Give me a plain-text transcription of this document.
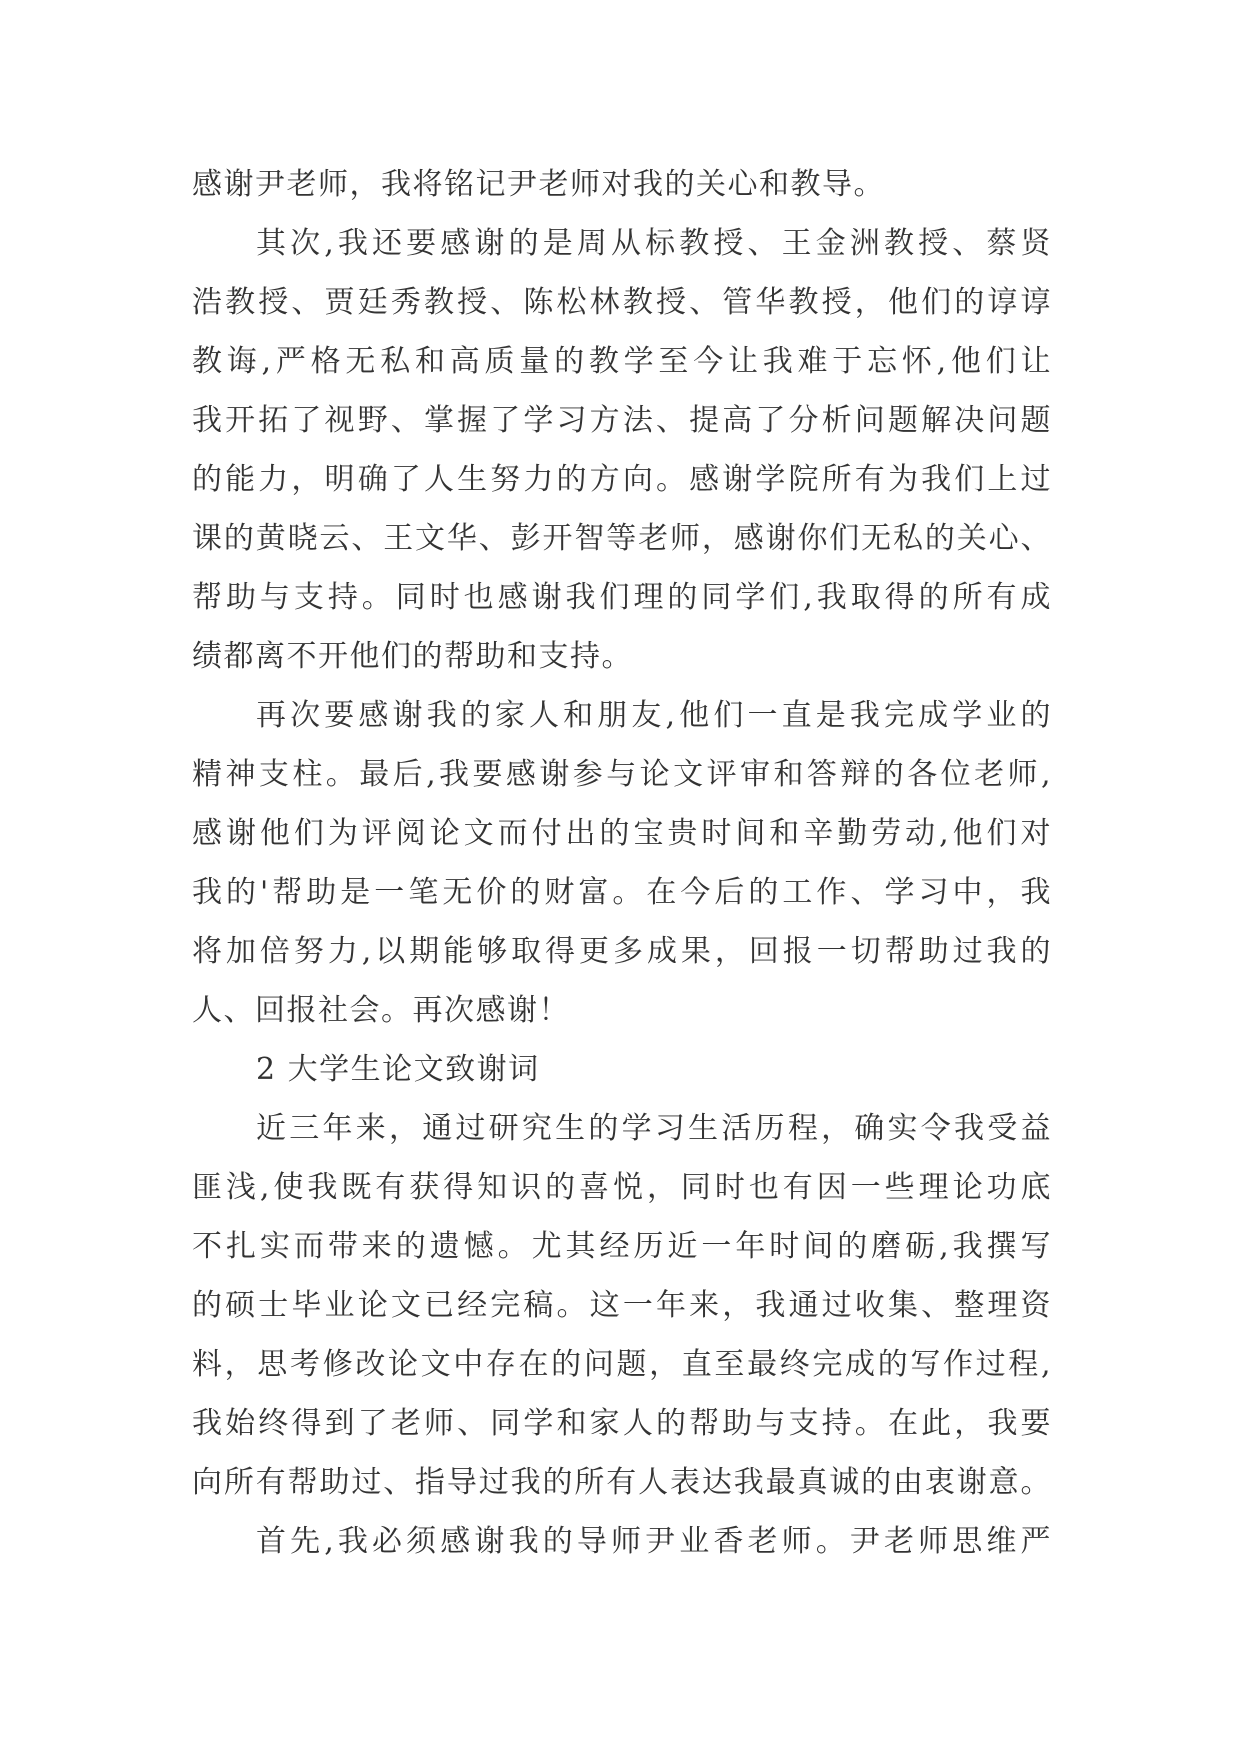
感谢尹老师，我将铭记尹老师对我的关心和教导。
其次,我还要感谢的是周从标教授、王金洲教授、蔡贤
浩教授、贾廷秀教授、陈松林教授、管华教授，他们的谆谆
教诲,严格无私和高质量的教学至今让我难于忘怀,他们让
我开拓了视野、掌握了学习方法、提高了分析问题解决问题
的能力，明确了人生努力的方向。感谢学院所有为我们上过
课的黄晓云、王文华、彭开智等老师，感谢你们无私的关心、
帮助与支持。同时也感谢我们理的同学们,我取得的所有成
绩都离不开他们的帮助和支持。
再次要感谢我的家人和朋友,他们一直是我完成学业的
精神支柱。最后,我要感谢参与论文评审和答辩的各位老师,
感谢他们为评阅论文而付出的宝贵时间和辛勤劳动,他们对
我的'帮助是一笔无价的财富。在今后的工作、学习中，我
将加倍努力,以期能够取得更多成果，回报一切帮助过我的
人、回报社会。再次感谢！
2 大学生论文致谢词
近三年来，通过研究生的学习生活历程，确实令我受益
匪浅,使我既有获得知识的喜悦，同时也有因一些理论功底
不扎实而带来的遗憾。尤其经历近一年时间的磨砺,我撰写
的硕士毕业论文已经完稿。这一年来，我通过收集、整理资
料，思考修改论文中存在的问题，直至最终完成的写作过程,
我始终得到了老师、同学和家人的帮助与支持。在此，我要
向所有帮助过、指导过我的所有人表达我最真诚的由衷谢意。
首先,我必须感谢我的导师尹业香老师。尹老师思维严
